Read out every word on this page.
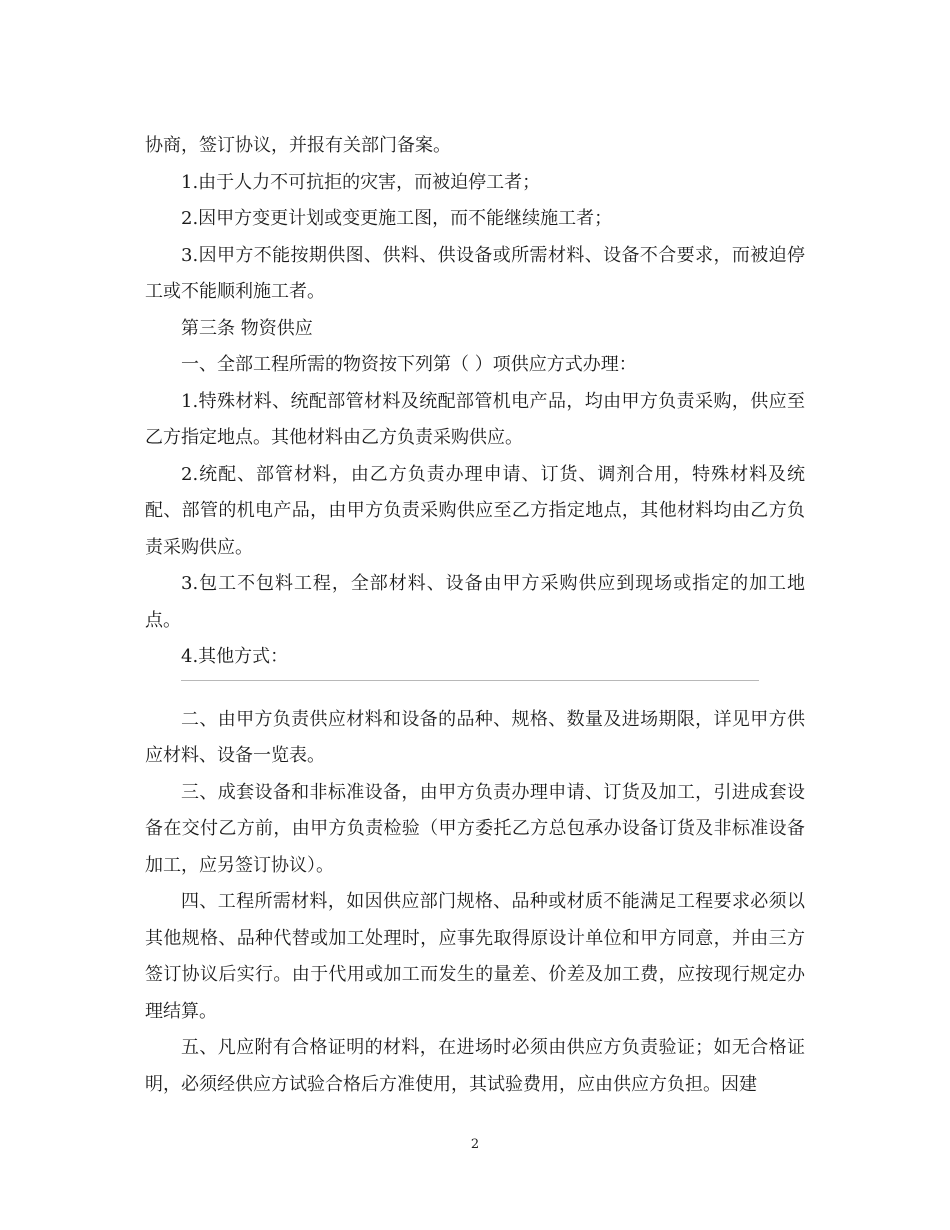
协商，签订协议，并报有关部门备案。

1.由于人力不可抗拒的灾害，而被迫停工者；

2.因甲方变更计划或变更施工图，而不能继续施工者；

3.因甲方不能按期供图、供料、供设备或所需材料、设备不合要求，而被迫停工或不能顺利施工者。

第三条 物资供应

一、全部工程所需的物资按下列第（ ）项供应方式办理：

1.特殊材料、统配部管材料及统配部管机电产品，均由甲方负责采购，供应至乙方指定地点。其他材料由乙方负责采购供应。

2.统配、部管材料，由乙方负责办理申请、订货、调剂合用，特殊材料及统配、部管的机电产品，由甲方负责采购供应至乙方指定地点，其他材料均由乙方负责采购供应。

3.包工不包料工程，全部材料、设备由甲方采购供应到现场或指定的加工地点。

4.其他方式：

二、由甲方负责供应材料和设备的品种、规格、数量及进场期限，详见甲方供应材料、设备一览表。

三、成套设备和非标准设备，由甲方负责办理申请、订货及加工，引进成套设备在交付乙方前，由甲方负责检验（甲方委托乙方总包承办设备订货及非标准设备加工，应另签订协议）。

四、工程所需材料，如因供应部门规格、品种或材质不能满足工程要求必须以其他规格、品种代替或加工处理时，应事先取得原设计单位和甲方同意，并由三方签订协议后实行。由于代用或加工而发生的量差、价差及加工费，应按现行规定办理结算。

五、凡应附有合格证明的材料，在进场时必须由供应方负责验证；如无合格证明，必须经供应方试验合格后方准使用，其试验费用，应由供应方负担。因建

2
